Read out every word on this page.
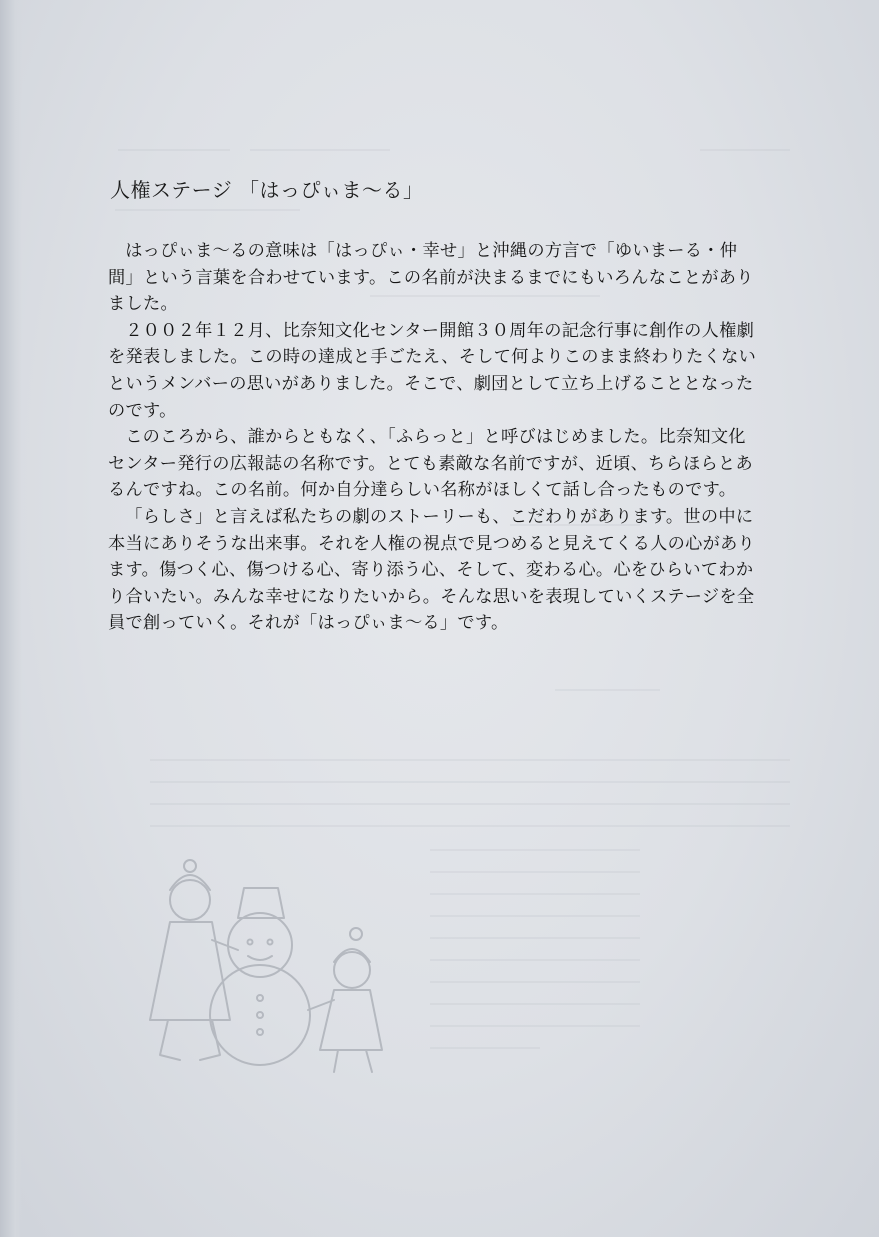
人権ステージ 「はっぴぃま〜る」

はっぴぃま〜るの意味は「はっぴぃ・幸せ」と沖縄の方言で「ゆいまーる・仲間」という言葉を合わせています。この名前が決まるまでにもいろんなことがありました。

２００２年１２月、比奈知文化センター開館３０周年の記念行事に創作の人権劇を発表しました。この時の達成と手ごたえ、そして何よりこのまま終わりたくないというメンバーの思いがありました。そこで、劇団として立ち上げることとなったのです。

このころから、誰からともなく、「ふらっと」と呼びはじめました。比奈知文化センター発行の広報誌の名称です。とても素敵な名前ですが、近頃、ちらほらとあるんですね。この名前。何か自分達らしい名称がほしくて話し合ったものです。

「らしさ」と言えば私たちの劇のストーリーも、こだわりがあります。世の中に本当にありそうな出来事。それを人権の視点で見つめると見えてくる人の心があります。傷つく心、傷つける心、寄り添う心、そして、変わる心。心をひらいてわかり合いたい。みんな幸せになりたいから。そんな思いを表現していくステージを全員で創っていく。それが「はっぴぃま〜る」です。
